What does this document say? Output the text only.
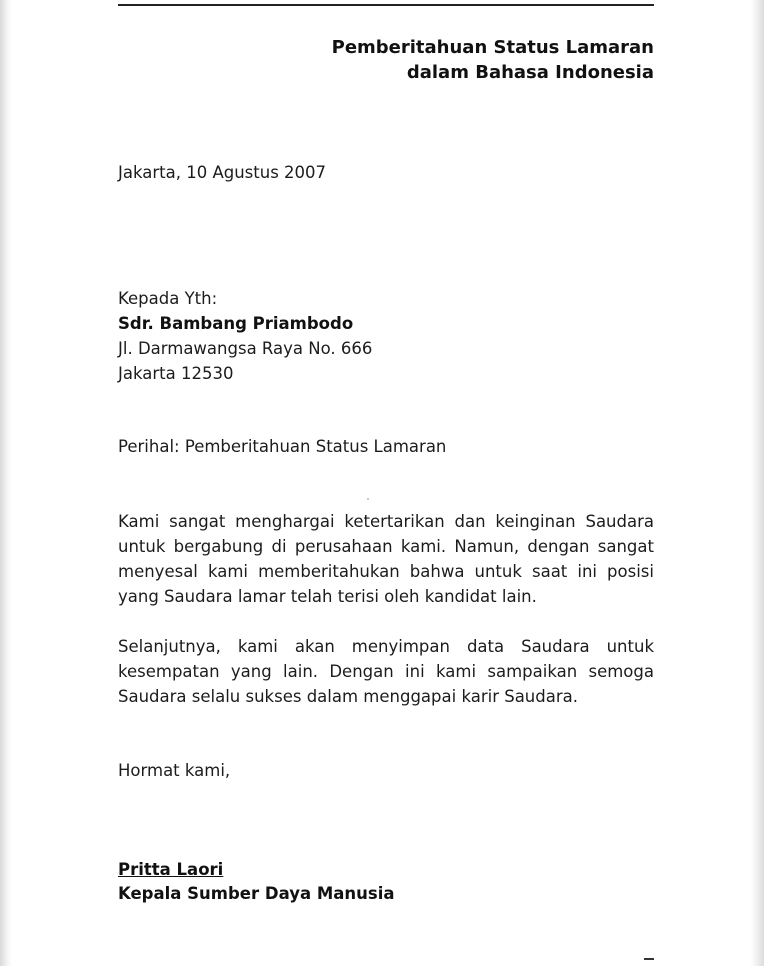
Pemberitahuan Status Lamaran
dalam Bahasa Indonesia
Jakarta, 10 Agustus 2007
Kepada Yth:
Sdr. Bambang Priambodo
Jl. Darmawangsa Raya No. 666
Jakarta 12530
Perihal: Pemberitahuan Status Lamaran
Kami sangat menghargai ketertarikan dan keinginan Saudara untuk bergabung di perusahaan kami. Namun, dengan sangat menyesal kami memberitahukan bahwa untuk saat ini posisi yang Saudara lamar telah terisi oleh kandidat lain.
Selanjutnya, kami akan menyimpan data Saudara untuk kesempatan yang lain. Dengan ini kami sampaikan semoga Saudara selalu sukses dalam menggapai karir Saudara.
Hormat kami,
Pritta Laori
Kepala Sumber Daya Manusia
